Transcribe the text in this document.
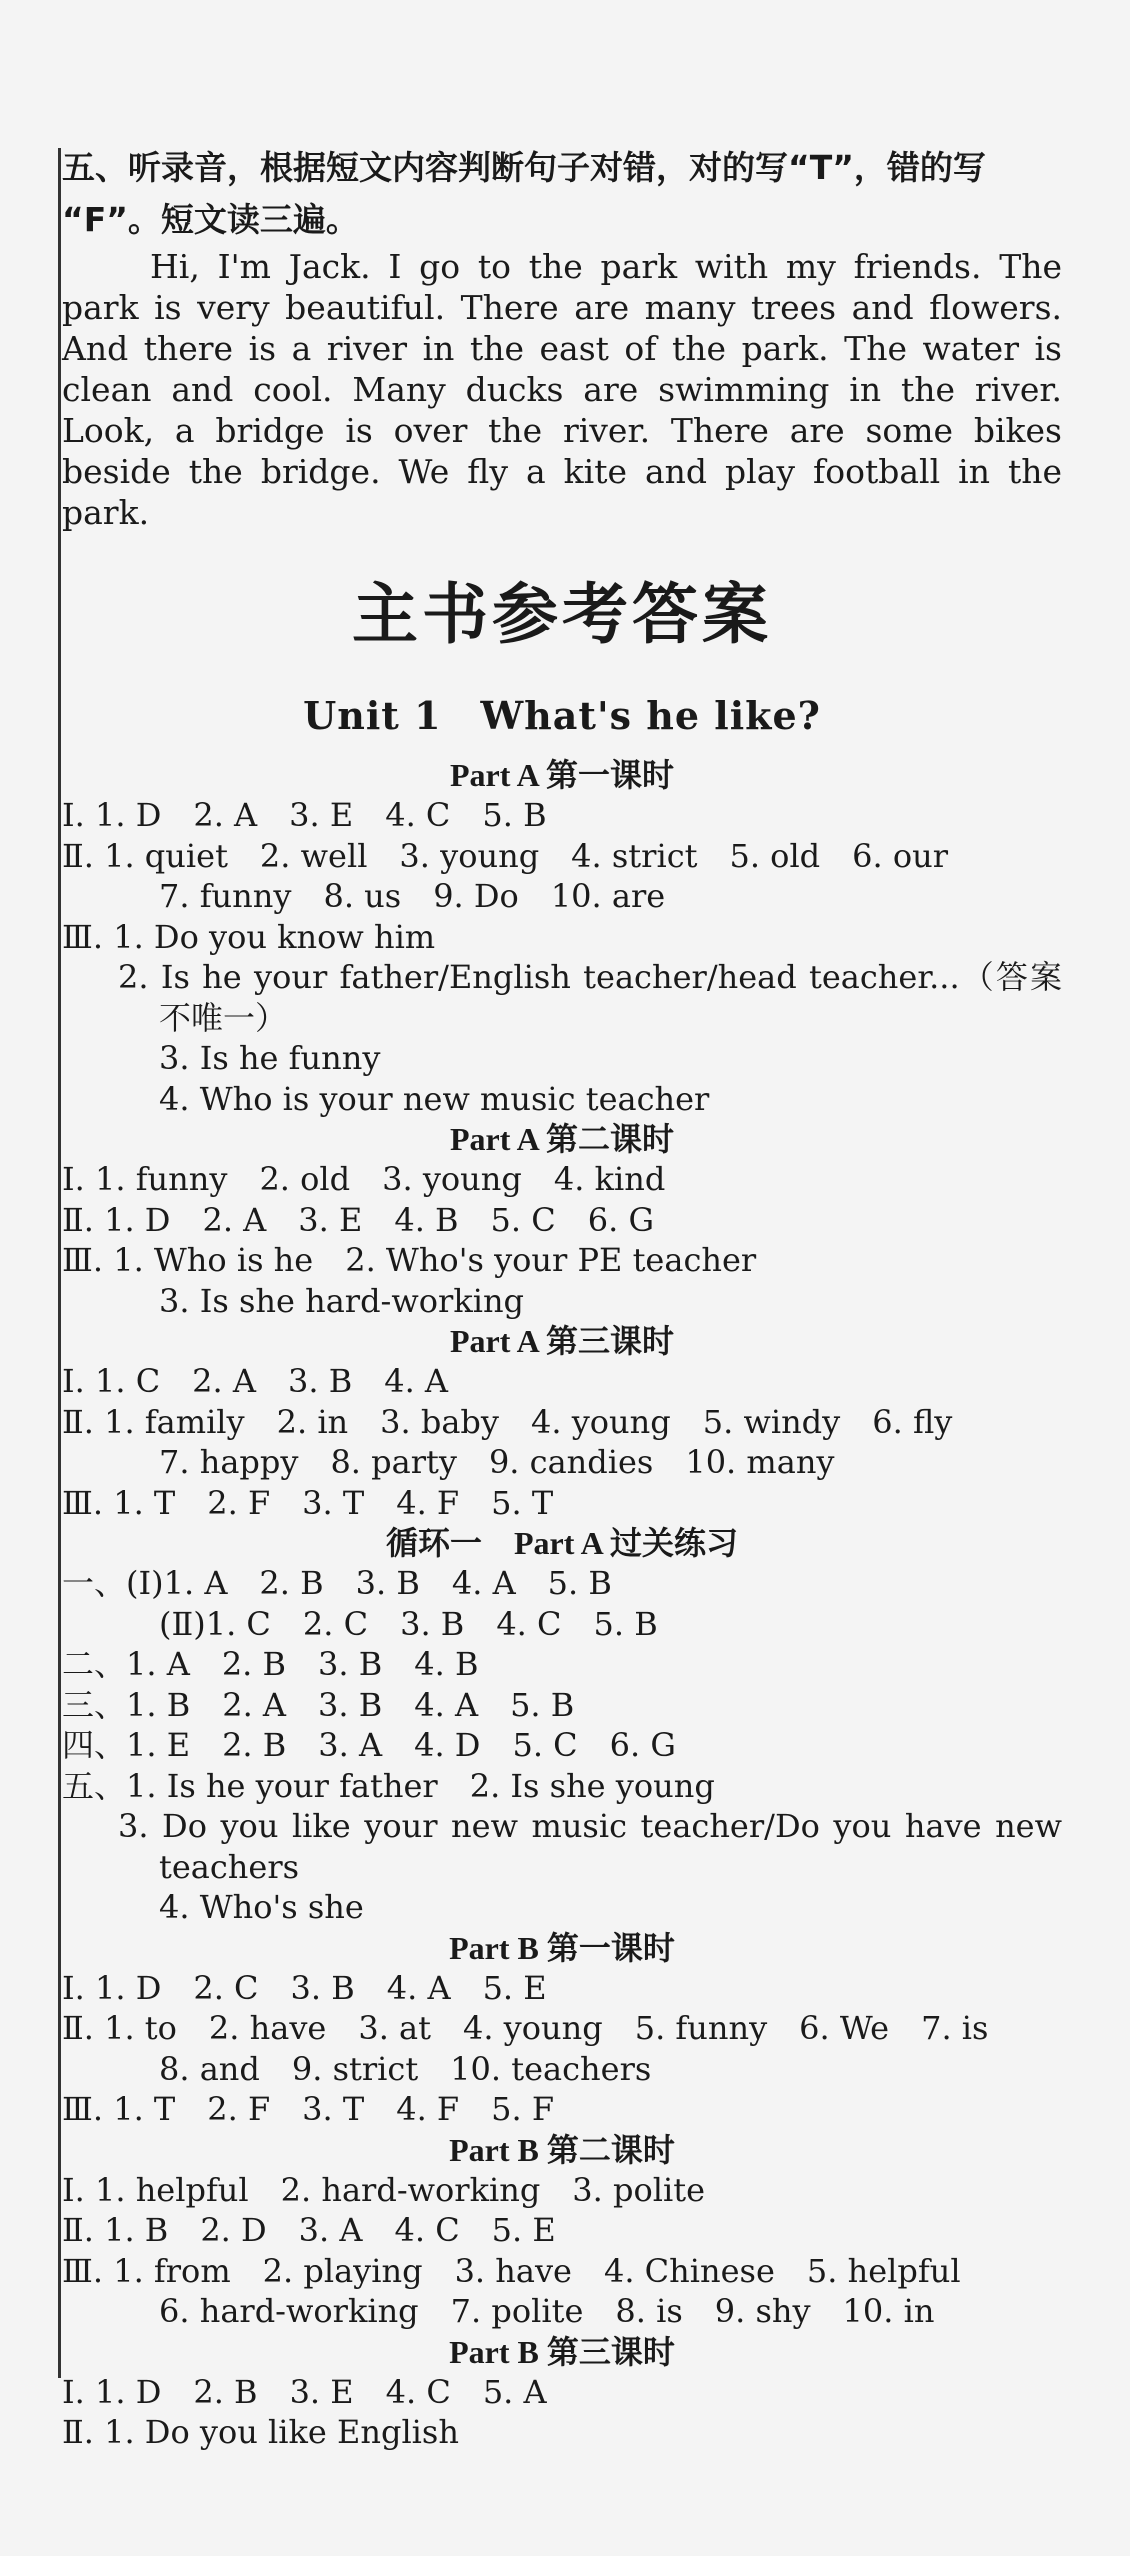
五、听录音，根据短文内容判断句子对错，对的写“T”，错的写

“F”。短文读三遍。

Hi, I'm Jack. I go to the park with my friends. The park is very beautiful. There are many trees and flowers. And there is a river in the east of the park. The water is clean and cool. Many ducks are swimming in the river. Look, a bridge is over the river. There are some bikes beside the bridge. We fly a kite and play football in the park.

主书参考答案
Unit 1　What's he like?
Part A 第一课时

Ⅰ. 1. D　2. A　3. E　4. C　5. B

Ⅱ. 1. quiet　2. well　3. young　4. strict　5. old　6. our

7. funny　8. us　9. Do　10. are

Ⅲ. 1. Do you know him

2. Is he your father/English teacher/head teacher...（答案不唯一）

3. Is he funny

4. Who is your new music teacher

Part A 第二课时

Ⅰ. 1. funny　2. old　3. young　4. kind

Ⅱ. 1. D　2. A　3. E　4. B　5. C　6. G

Ⅲ. 1. Who is he　2. Who's your PE teacher

3. Is she hard-working

Part A 第三课时

Ⅰ. 1. C　2. A　3. B　4. A

Ⅱ. 1. family　2. in　3. baby　4. young　5. windy　6. fly

7. happy　8. party　9. candies　10. many

Ⅲ. 1. T　2. F　3. T　4. F　5. T

循环一　Part A 过关练习

一、(Ⅰ)1. A　2. B　3. B　4. A　5. B

(Ⅱ)1. C　2. C　3. B　4. C　5. B

二、1. A　2. B　3. B　4. B

三、1. B　2. A　3. B　4. A　5. B

四、1. E　2. B　3. A　4. D　5. C　6. G

五、1. Is he your father　2. Is she young

3. Do you like your new music teacher/Do you have new teachers

4. Who's she

Part B 第一课时

Ⅰ. 1. D　2. C　3. B　4. A　5. E

Ⅱ. 1. to　2. have　3. at　4. young　5. funny　6. We　7. is

8. and　9. strict　10. teachers

Ⅲ. 1. T　2. F　3. T　4. F　5. F

Part B 第二课时

Ⅰ. 1. helpful　2. hard-working　3. polite

Ⅱ. 1. B　2. D　3. A　4. C　5. E

Ⅲ. 1. from　2. playing　3. have　4. Chinese　5. helpful

6. hard-working　7. polite　8. is　9. shy　10. in

Part B 第三课时

Ⅰ. 1. D　2. B　3. E　4. C　5. A

Ⅱ. 1. Do you like English
